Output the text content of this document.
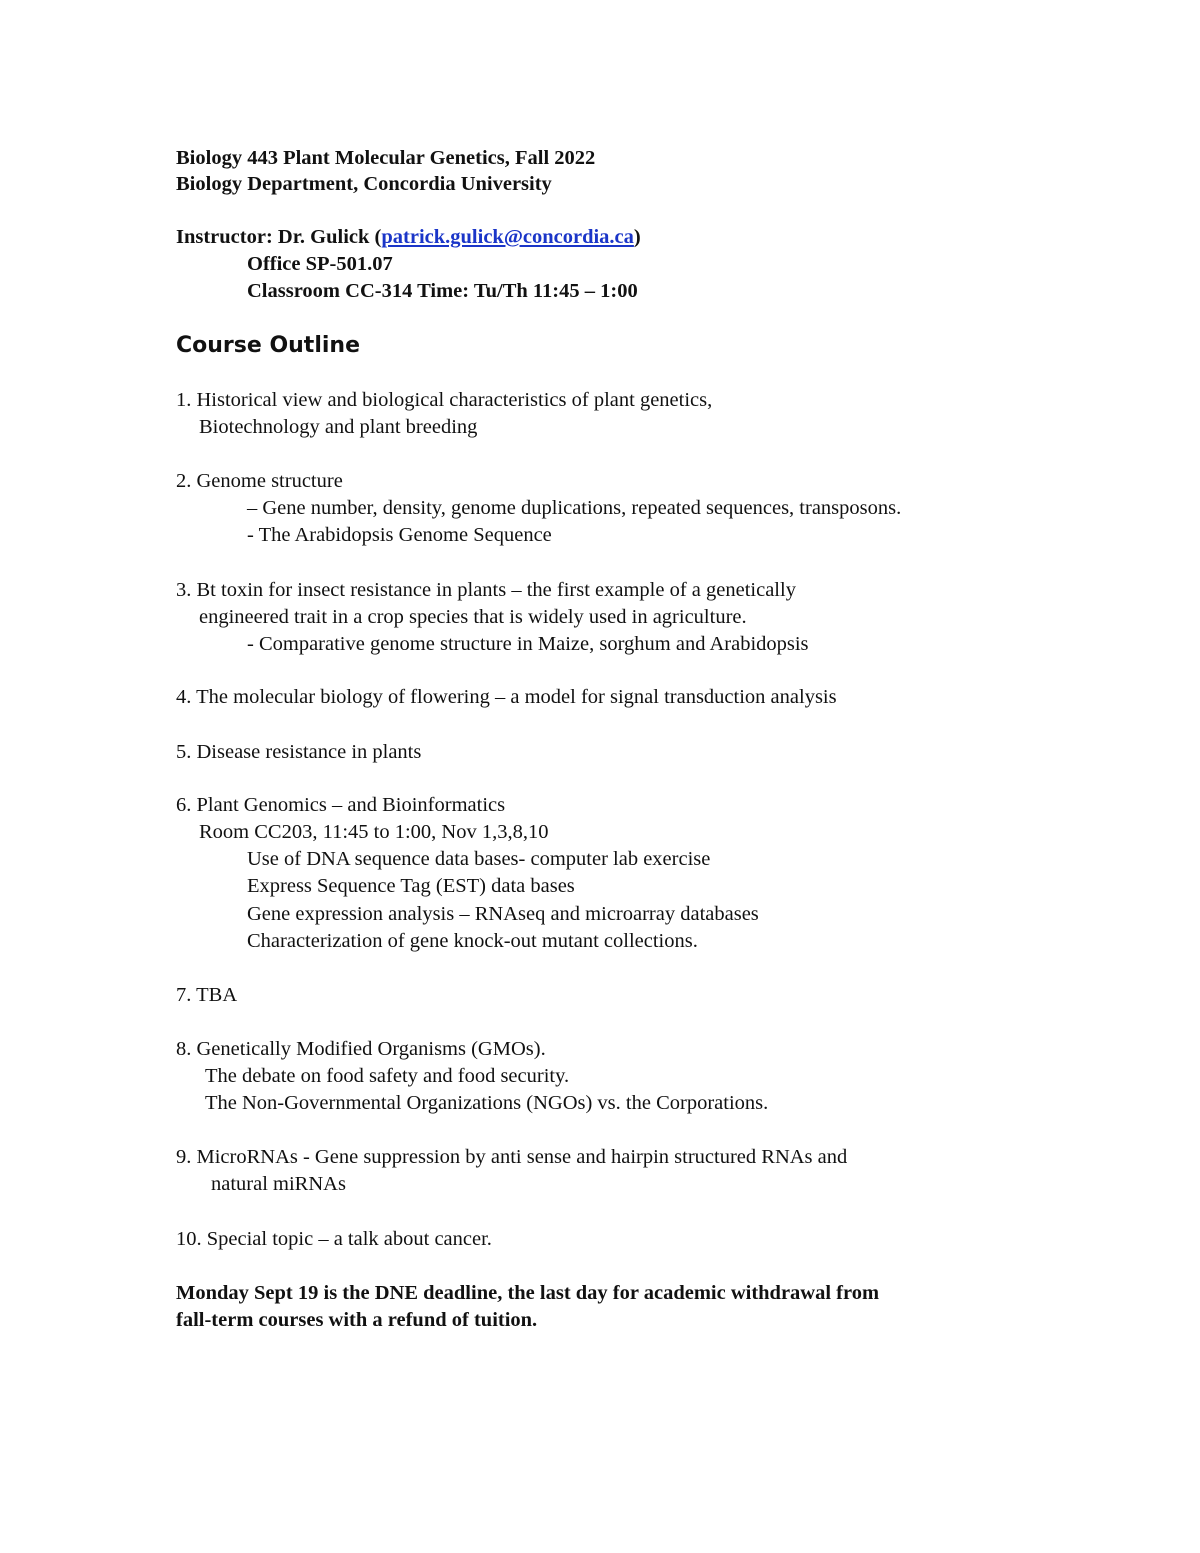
Biology 443 Plant Molecular Genetics, Fall 2022

Biology Department, Concordia University

Instructor: Dr. Gulick (patrick.gulick@concordia.ca)

Office SP-501.07

Classroom CC-314 Time: Tu/Th 11:45 – 1:00

Course Outline

1. Historical view and biological characteristics of plant genetics,

Biotechnology and plant breeding

2. Genome structure

– Gene number, density, genome duplications, repeated sequences, transposons.

- The Arabidopsis Genome Sequence

3. Bt toxin for insect resistance in plants – the first example of a genetically

engineered trait in a crop species that is widely used in agriculture.

- Comparative genome structure in Maize, sorghum and Arabidopsis

4. The molecular biology of flowering – a model for signal transduction analysis

5. Disease resistance in plants

6. Plant Genomics – and Bioinformatics

Room CC203, 11:45 to 1:00, Nov 1,3,8,10

Use of DNA sequence data bases- computer lab exercise

Express Sequence Tag (EST) data bases

Gene expression analysis – RNAseq and microarray databases

Characterization of gene knock-out mutant collections.

7. TBA

8. Genetically Modified Organisms (GMOs).

The debate on food safety and food security.

The Non-Governmental Organizations (NGOs) vs. the Corporations.

9. MicroRNAs - Gene suppression by anti sense and hairpin structured RNAs and

natural miRNAs

10. Special topic – a talk about cancer.

Monday Sept 19 is the DNE deadline, the last day for academic withdrawal from

fall-term courses with a refund of tuition.
